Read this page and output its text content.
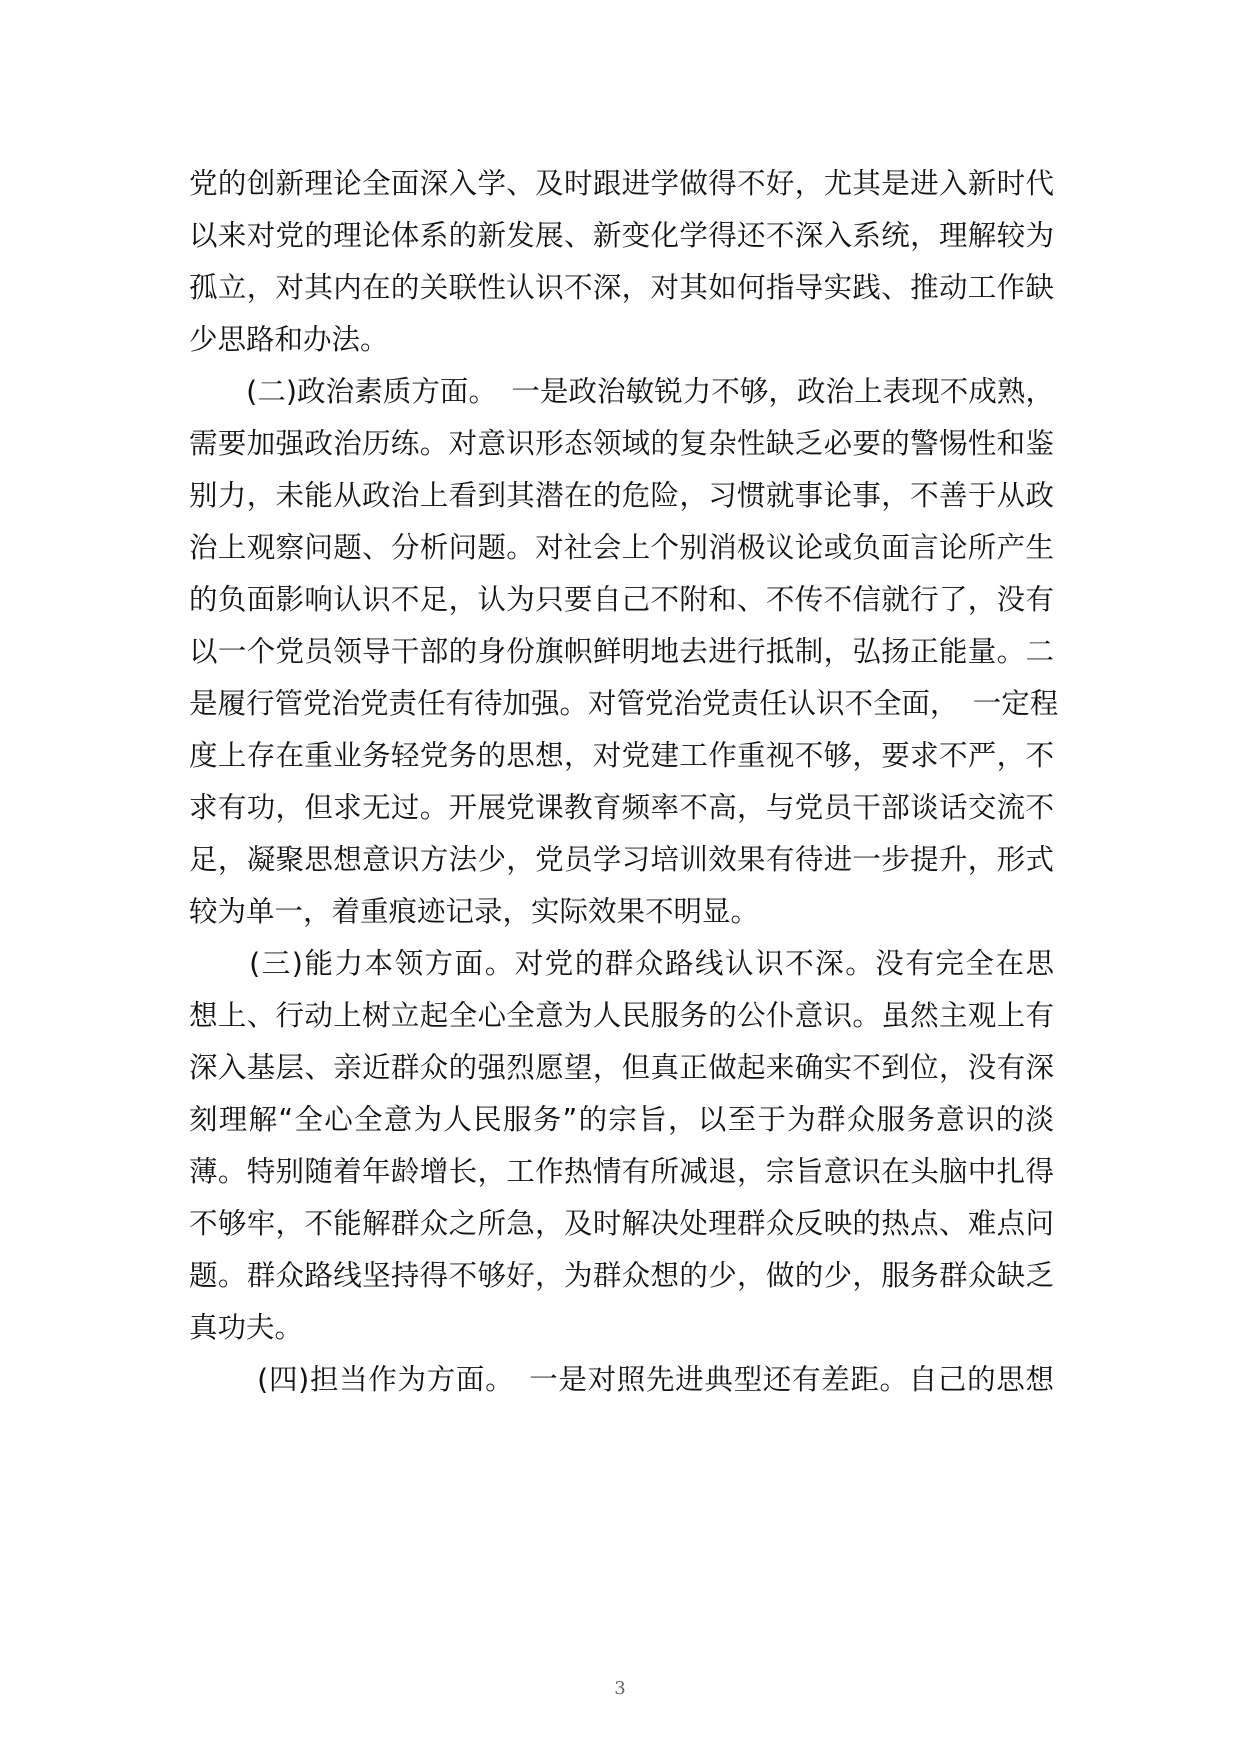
党的创新理论全面深入学、及时跟进学做得不好，尤其是进入新时代
以来对党的理论体系的新发展、新变化学得还不深入系统，理解较为
孤立，对其内在的关联性认识不深，对其如何指导实践、推动工作缺
少思路和办法。
　　(二)政治素质方面。　一是政治敏锐力不够，政治上表现不成熟，
需要加强政治历练。对意识形态领域的复杂性缺乏必要的警惕性和鉴
别力，未能从政治上看到其潜在的危险，习惯就事论事，不善于从政
治上观察问题、分析问题。对社会上个别消极议论或负面言论所产生
的负面影响认识不足，认为只要自己不附和、不传不信就行了，没有
以一个党员领导干部的身份旗帜鲜明地去进行抵制，弘扬正能量。二
是履行管党治党责任有待加强。对管党治党责任认识不全面，　一定程
度上存在重业务轻党务的思想，对党建工作重视不够，要求不严，不
求有功，但求无过。开展党课教育频率不高，与党员干部谈话交流不
足，凝聚思想意识方法少，党员学习培训效果有待进一步提升，形式
较为单一，着重痕迹记录，实际效果不明显。
　　(三)能力本领方面。对党的群众路线认识不深。没有完全在思
想上、行动上树立起全心全意为人民服务的公仆意识。虽然主观上有
深入基层、亲近群众的强烈愿望，但真正做起来确实不到位，没有深
刻理解“全心全意为人民服务”的宗旨，以至于为群众服务意识的淡
薄。特别随着年龄增长，工作热情有所减退，宗旨意识在头脑中扎得
不够牢，不能解群众之所急，及时解决处理群众反映的热点、难点问
题。群众路线坚持得不够好，为群众想的少，做的少，服务群众缺乏
真功夫。
　　 (四)担当作为方面。　一是对照先进典型还有差距。自己的思想
3
